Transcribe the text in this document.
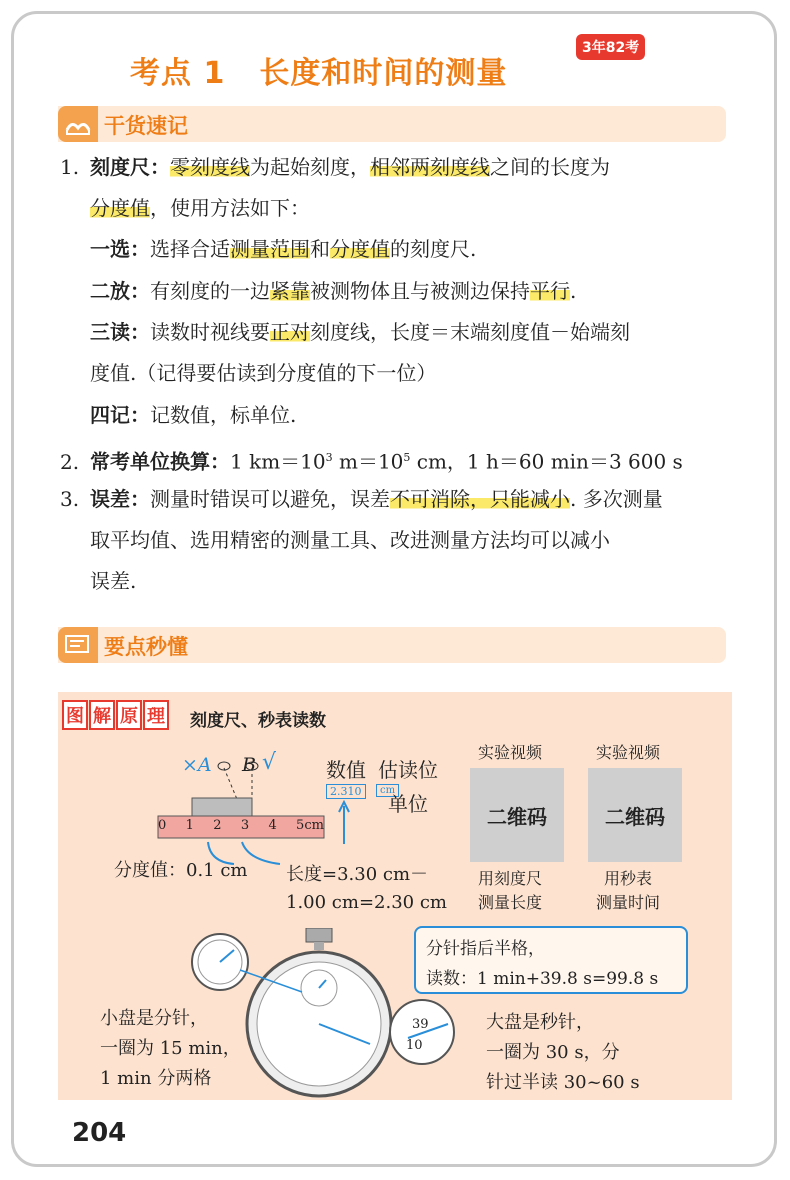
考点 1 长度和时间的测量
3年82考
干货速记
1. 刻度尺：零刻度线为起始刻度，相邻两刻度线之间的长度为
分度值，使用方法如下：
一选：选择合适测量范围和分度值的刻度尺.
二放：有刻度的一边紧靠被测物体且与被测边保持平行.
三读：读数时视线要正对刻度线，长度＝末端刻度值－始端刻
度值.（记得要估读到分度值的下一位）
四记：记数值，标单位.
2. 常考单位换算：1 $km=10^3$ $m=10^5$ cm，1 h＝60 min＝3 600 s
3. 误差：测量时错误可以避免，误差不可消除，只能减小. 多次测量
取平均值、选用精密的测量工具、改进测量方法均可以减小
误差.
要点秒懂
图 解 原 理 刻度尺、秒表读数
×A B √
0 1 2 3 4 5cm
数值 估读位
2.310	cm
单位
分度值：0.1 cm 长度=3.30 cm－
1.00 cm=2.30 cm
实验视频
二维码
用刻度尺
测量长度
实验视频
二维码
用秒表
测量时间
39
10
分针指后半格，
读数：1 min+39.8 s=99.8 s
小盘是分针，
一圈为 15 min，
1 min 分两格
大盘是秒针，
一圈为 30 s，分
针过半读 30~60 s
204
